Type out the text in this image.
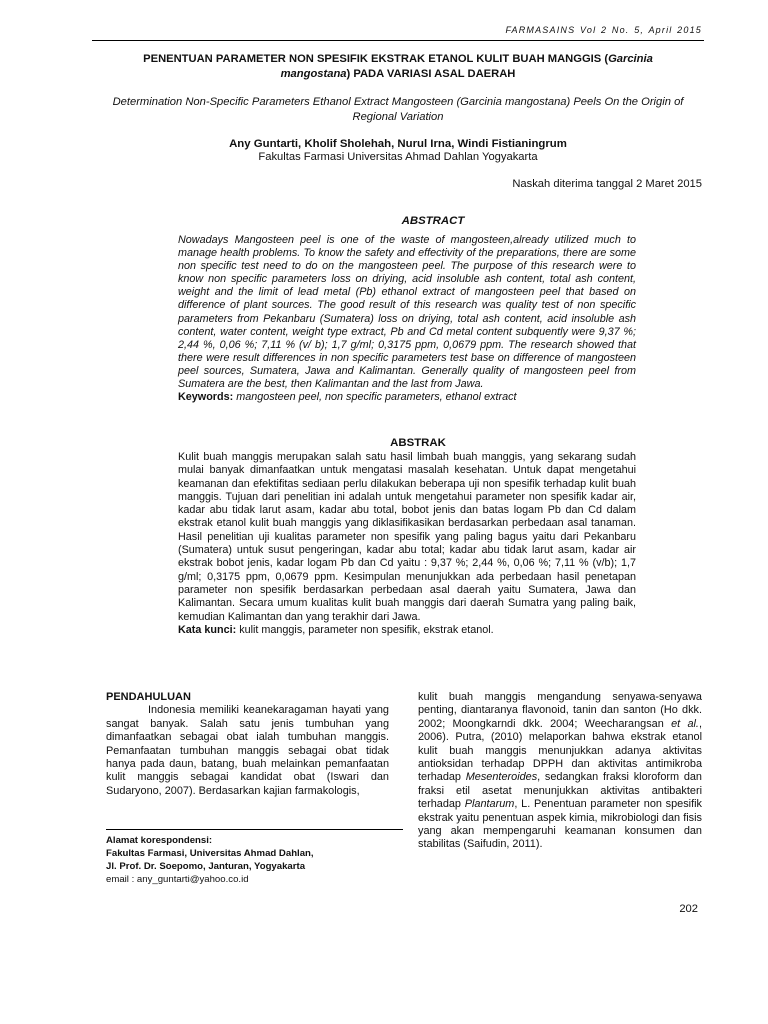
FARMASAINS Vol 2 No. 5, April 2015
PENENTUAN PARAMETER NON SPESIFIK EKSTRAK ETANOL KULIT BUAH MANGGIS (Garcinia mangostana) PADA VARIASI ASAL DAERAH
Determination Non-Specific Parameters Ethanol Extract Mangosteen (Garcinia mangostana) Peels On the Origin of Regional Variation
Any Guntarti, Kholif Sholehah, Nurul Irna, Windi Fistianingrum
Fakultas Farmasi Universitas Ahmad Dahlan Yogyakarta
Naskah diterima tanggal 2 Maret 2015
ABSTRACT
Nowadays Mangosteen peel is one of the waste of mangosteen,already utilized much to manage health problems. To know the safety and effectivity of the preparations, there are some non specific test need to do on the mangosteen peel. The purpose of this research were to know non specific parameters loss on driying, acid insoluble ash content, total ash content, weight and the limit of lead metal (Pb) ethanol extract of mangosteen peel that based on difference of plant sources. The good result of this research was quality test of non specific parameters from Pekanbaru (Sumatera) loss on driying, total ash content, acid insoluble ash content, water content, weight type extract, Pb and Cd metal content subquently were 9,37 %; 2,44 %, 0,06 %; 7,11 % (v/ b); 1,7 g/ml; 0,3175 ppm, 0,0679 ppm. The research showed that there were result differences in non specific parameters test base on difference of mangosteen peel sources, Sumatera, Jawa and Kalimantan. Generally quality of mangosteen peel from Sumatera are the best, then Kalimantan and the last from Jawa.
Keywords: mangosteen peel, non specific parameters, ethanol extract
ABSTRAK
Kulit buah manggis merupakan salah satu hasil limbah buah manggis, yang sekarang sudah mulai banyak dimanfaatkan untuk mengatasi masalah kesehatan. Untuk dapat mengetahui keamanan dan efektifitas sediaan perlu dilakukan beberapa uji non spesifik terhadap kulit buah manggis. Tujuan dari penelitian ini adalah untuk mengetahui parameter non spesifik kadar air, kadar abu tidak larut asam, kadar abu total, bobot jenis dan batas logam Pb dan Cd dalam ekstrak etanol kulit buah manggis yang diklasifikasikan berdasarkan perbedaan asal tanaman. Hasil penelitian uji kualitas parameter non spesifik yang paling bagus yaitu dari Pekanbaru (Sumatera) untuk susut pengeringan, kadar abu total; kadar abu tidak larut asam, kadar air ekstrak bobot jenis, kadar logam Pb dan Cd yaitu : 9,37 %; 2,44 %, 0,06 %; 7,11 % (v/b); 1,7 g/ml; 0,3175 ppm, 0,0679 ppm. Kesimpulan menunjukkan ada perbedaan hasil penetapan parameter non spesifik berdasarkan perbedaan asal daerah yaitu Sumatera, Jawa dan Kalimantan. Secara umum kualitas kulit buah manggis dari daerah Sumatra yang paling baik, kemudian Kalimantan dan yang terakhir dari Jawa.
Kata kunci: kulit manggis, parameter non spesifik, ekstrak etanol.
PENDAHULUAN

Indonesia memiliki keanekaragaman hayati yang sangat banyak. Salah satu jenis tumbuhan yang dimanfaatkan sebagai obat ialah tumbuhan manggis. Pemanfaatan tumbuhan manggis sebagai obat tidak hanya pada daun, batang, buah melainkan pemanfaatan kulit manggis sebagai kandidat obat (Iswari dan Sudaryono, 2007). Berdasarkan kajian farmakologis,

kulit buah manggis mengandung senyawa-senyawa penting, diantaranya flavonoid, tanin dan santon (Ho dkk. 2002; Moongkarndi dkk. 2004; Weecharangsan et al., 2006). Putra, (2010) melaporkan bahwa ekstrak etanol kulit buah manggis menunjukkan adanya aktivitas antioksidan terhadap DPPH dan aktivitas antimikroba terhadap Mesenteroides, sedangkan fraksi kloroform dan fraksi etil asetat menunjukkan aktivitas antibakteri terhadap Plantarum, L. Penentuan parameter non spesifik ekstrak yaitu penentuan aspek kimia, mikrobiologi dan fisis yang akan mempengaruhi keamanan konsumen dan stabilitas (Saifudin, 2011).

Alamat korespondensi:
Fakultas Farmasi, Universitas Ahmad Dahlan,
Jl. Prof. Dr. Soepomo, Janturan, Yogyakarta
email : any_guntarti@yahoo.co.id
202
